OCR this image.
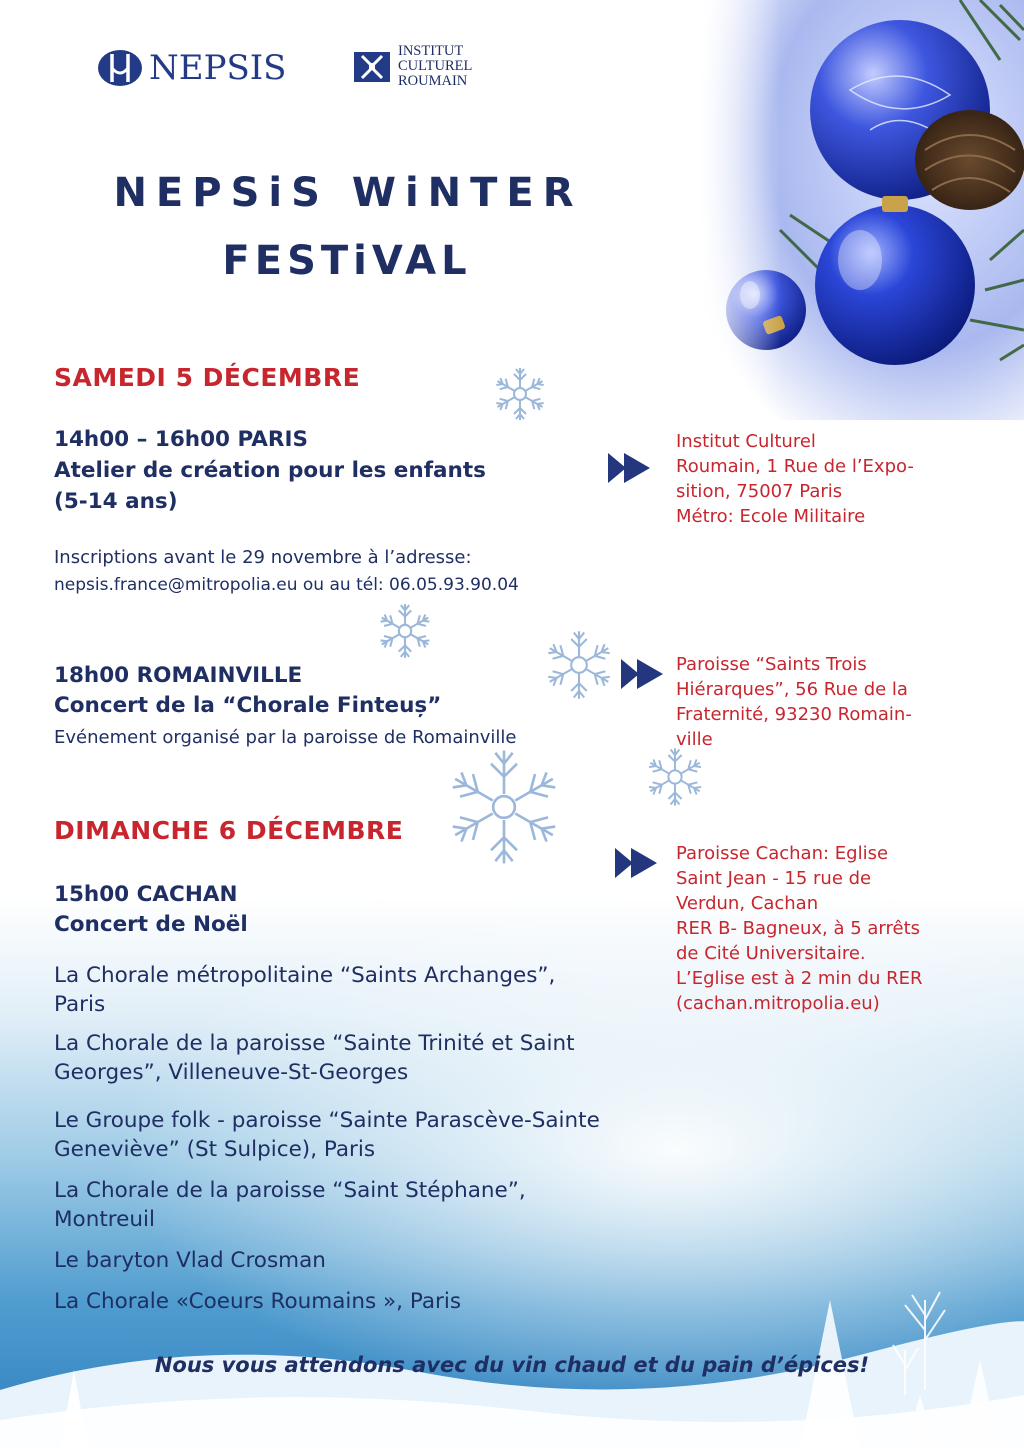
NEPSIS	INSTITUT
CULTUREL
ROUMAIN
NEPSiS WiNTER
FESTiVAL
SAMEDI 5 DÉCEMBRE
14h00 – 16h00 PARIS
Atelier de création pour les enfants
(5-14 ans)
Inscriptions avant le 29 novembre à l’adresse:
nepsis.france@mitropolia.eu ou au tél: 06.05.93.90.04
Institut Culturel
Roumain, 1 Rue de l’Expo-
sition, 75007 Paris
Métro: Ecole Militaire
18h00 ROMAINVILLE
Concert de la “Chorale Finteuș”
Evénement organisé par la paroisse de Romainville
Paroisse “Saints Trois
Hiérarques”, 56 Rue de la
Fraternité, 93230 Romain-
ville
DIMANCHE 6 DÉCEMBRE
15h00 CACHAN
Concert de Noël
Paroisse Cachan: Eglise
Saint Jean - 15 rue de
Verdun, Cachan
RER B- Bagneux, à 5 arrêts
de Cité Universitaire.
L’Eglise est à 2 min du RER
(cachan.mitropolia.eu)
La Chorale métropolitaine “Saints Archanges”,
Paris
La Chorale de la paroisse “Sainte Trinité et Saint
Georges”, Villeneuve-St-Georges
Le Groupe folk - paroisse “Sainte Parascève-Sainte
Geneviève” (St Sulpice), Paris
La Chorale de la paroisse “Saint Stéphane”,
Montreuil
Le baryton Vlad Crosman
La Chorale «Coeurs Roumains », Paris
Nous vous attendons avec du vin chaud et du pain d’épices!
